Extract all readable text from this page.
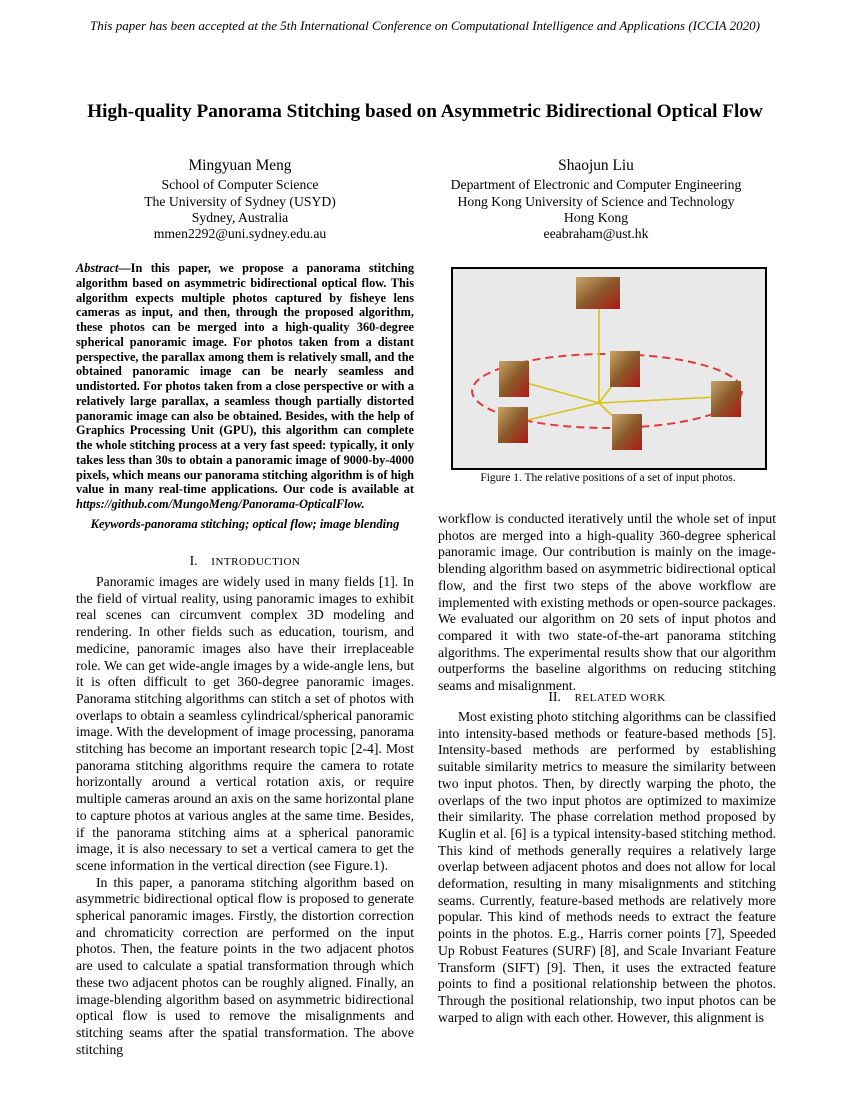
This paper has been accepted at the 5th International Conference on Computational Intelligence and Applications (ICCIA 2020)
High-quality Panorama Stitching based on Asymmetric Bidirectional Optical Flow
Mingyuan Meng
School of Computer Science
The University of Sydney (USYD)
Sydney, Australia
mmen2292@uni.sydney.edu.au
Shaojun Liu
Department of Electronic and Computer Engineering
Hong Kong University of Science and Technology
Hong Kong
eeabraham@ust.hk
Abstract—In this paper, we propose a panorama stitching algorithm based on asymmetric bidirectional optical flow. This algorithm expects multiple photos captured by fisheye lens cameras as input, and then, through the proposed algorithm, these photos can be merged into a high-quality 360-degree spherical panoramic image. For photos taken from a distant perspective, the parallax among them is relatively small, and the obtained panoramic image can be nearly seamless and undistorted. For photos taken from a close perspective or with a relatively large parallax, a seamless though partially distorted panoramic image can also be obtained. Besides, with the help of Graphics Processing Unit (GPU), this algorithm can complete the whole stitching process at a very fast speed: typically, it only takes less than 30s to obtain a panoramic image of 9000-by-4000 pixels, which means our panorama stitching algorithm is of high value in many real-time applications. Our code is available at https://github.com/MungoMeng/Panorama-OpticalFlow.
Keywords-panorama stitching; optical flow; image blending
I. INTRODUCTION

Panoramic images are widely used in many fields [1]. In the field of virtual reality, using panoramic images to exhibit real scenes can circumvent complex 3D modeling and rendering. In other fields such as education, tourism, and medicine, panoramic images also have their irreplaceable role. We can get wide-angle images by a wide-angle lens, but it is often difficult to get 360-degree panoramic images. Panorama stitching algorithms can stitch a set of photos with overlaps to obtain a seamless cylindrical/spherical panoramic image. With the development of image processing, panorama stitching has become an important research topic [2-4]. Most panorama stitching algorithms require the camera to rotate horizontally around a vertical rotation axis, or require multiple cameras around an axis on the same horizontal plane to capture photos at various angles at the same time. Besides, if the panorama stitching aims at a spherical panoramic image, it is also necessary to set a vertical camera to get the scene information in the vertical direction (see Figure.1).

In this paper, a panorama stitching algorithm based on asymmetric bidirectional optical flow is proposed to generate spherical panoramic images. Firstly, the distortion correction and chromaticity correction are performed on the input photos. Then, the feature points in the two adjacent photos are used to calculate a spatial transformation through which these two adjacent photos can be roughly aligned. Finally, an image-blending algorithm based on asymmetric bidirectional optical flow is used to remove the misalignments and stitching seams after the spatial transformation. The above stitching

Figure 1. The relative positions of a set of input photos.

workflow is conducted iteratively until the whole set of input photos are merged into a high-quality 360-degree spherical panoramic image. Our contribution is mainly on the image-blending algorithm based on asymmetric bidirectional optical flow, and the first two steps of the above workflow are implemented with existing methods or open-source packages. We evaluated our algorithm on 20 sets of input photos and compared it with two state-of-the-art panorama stitching algorithms. The experimental results show that our algorithm outperforms the baseline algorithms on reducing stitching seams and misalignment.

II. RELATED WORK

Most existing photo stitching algorithms can be classified into intensity-based methods or feature-based methods [5]. Intensity-based methods are performed by establishing suitable similarity metrics to measure the similarity between two input photos. Then, by directly warping the photo, the overlaps of the two input photos are optimized to maximize their similarity. The phase correlation method proposed by Kuglin et al. [6] is a typical intensity-based stitching method. This kind of methods generally requires a relatively large overlap between adjacent photos and does not allow for local deformation, resulting in many misalignments and stitching seams. Currently, feature-based methods are relatively more popular. This kind of methods needs to extract the feature points in the photos. E.g., Harris corner points [7], Speeded Up Robust Features (SURF) [8], and Scale Invariant Feature Transform (SIFT) [9]. Then, it uses the extracted feature points to find a positional relationship between the photos. Through the positional relationship, two input photos can be warped to align with each other. However, this alignment is
